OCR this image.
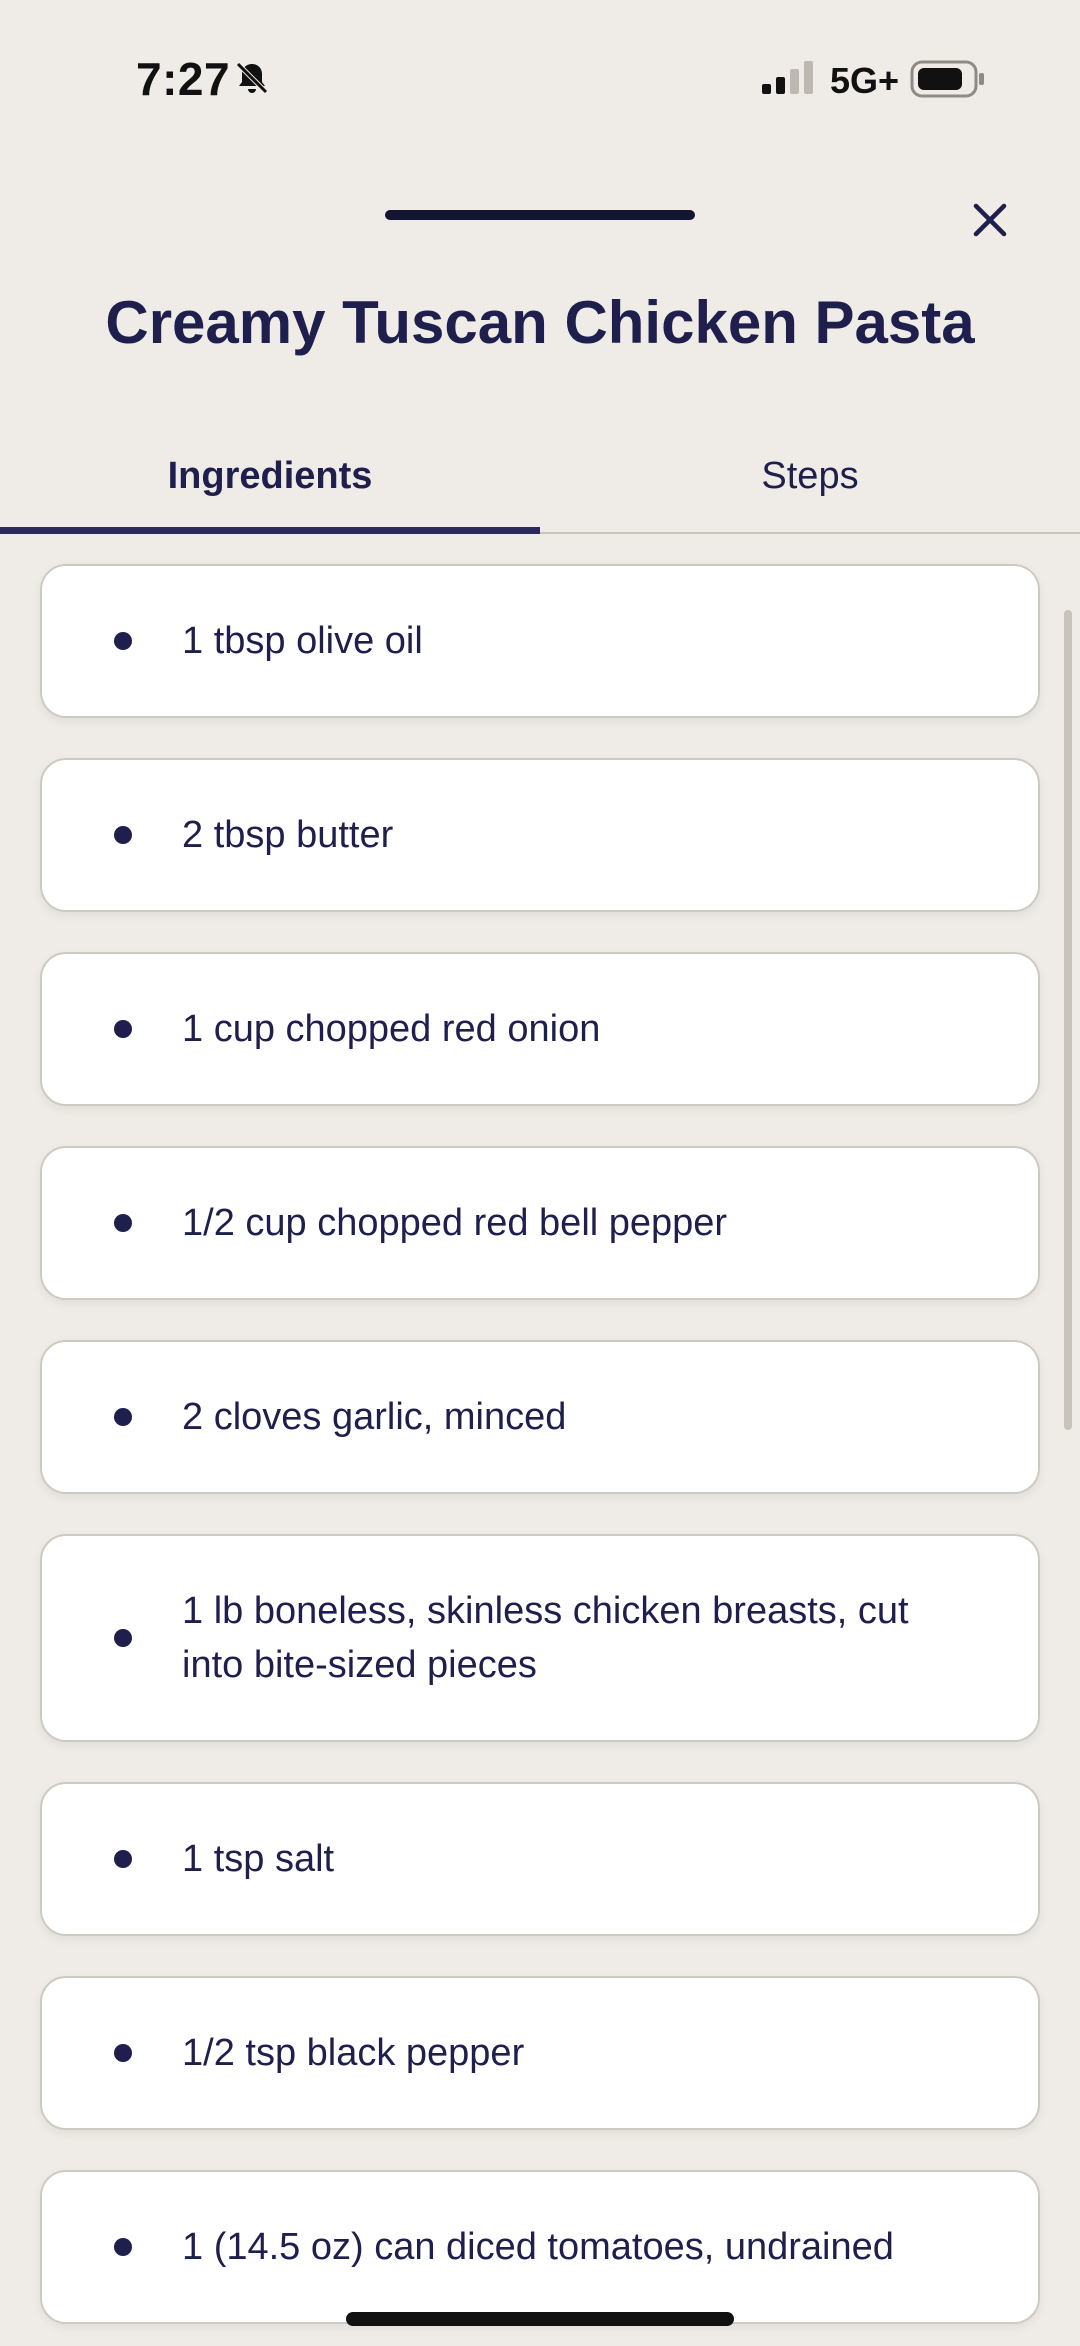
7:27	5G+
Creamy Tuscan Chicken Pasta
Ingredients	Steps
1 tbsp olive oil
2 tbsp butter
1 cup chopped red onion
1/2 cup chopped red bell pepper
2 cloves garlic, minced
1 lb boneless, skinless chicken breasts, cut into bite-sized pieces
1 tsp salt
1/2 tsp black pepper
1 (14.5 oz) can diced tomatoes, undrained
